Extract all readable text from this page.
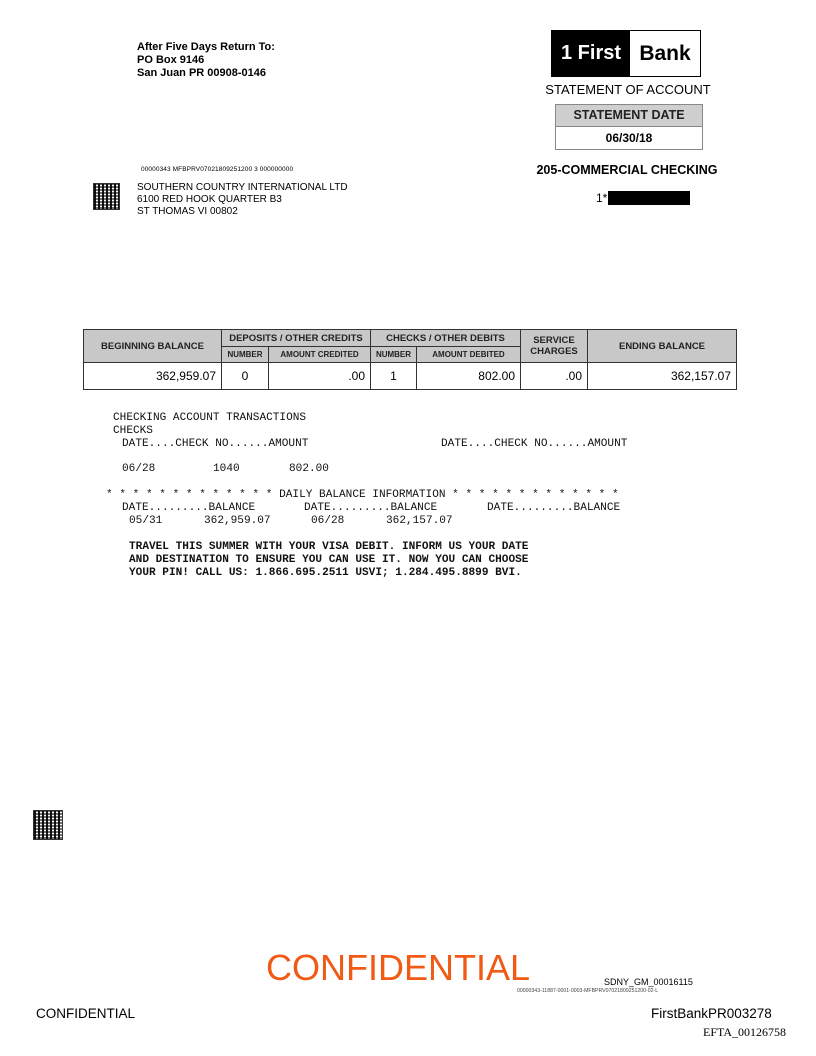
After Five Days Return To:
PO Box 9146
San Juan PR 00908-0146
1 First Bank
STATEMENT OF ACCOUNT
STATEMENT DATE
06/30/18
205-COMMERCIAL CHECKING
1*
00000343 MFBPRV07021809251200 3 000000000
SOUTHERN COUNTRY INTERNATIONAL LTD
6100 RED HOOK QUARTER B3
ST THOMAS VI 00802
BEGINNING BALANCE	DEPOSITS / OTHER CREDITS		CHECKS / OTHER DEBITS		SERVICE CHARGES	ENDING BALANCE
	NUMBER	AMOUNT CREDITED	NUMBER	AMOUNT DEBITED		
362,959.07	0	.00	1	802.00	.00	362,157.07
CHECKING ACCOUNT TRANSACTIONS
CHECKS
DATE....CHECK NO......AMOUNT	DATE....CHECK NO......AMOUNT
06/28	1040	802.00
* * * * * * * * * * * * * DAILY BALANCE INFORMATION * * * * * * * * * * * * *
DATE.........BALANCE	DATE.........BALANCE	DATE.........BALANCE
05/31	362,959.07	06/28	362,157.07
TRAVEL THIS SUMMER WITH YOUR VISA DEBIT. INFORM US YOUR DATE
AND DESTINATION TO ENSURE YOU CAN USE IT. NOW YOU CAN CHOOSE
YOUR PIN! CALL US: 1.866.695.2511 USVI; 1.284.495.8899 BVI.
CONFIDENTIAL	SDNY_GM_00016115
00000343-11887-0001-0003-MFBPRV07021809251200-02-L
CONFIDENTIAL	FirstBankPR003278
EFTA_00126758
